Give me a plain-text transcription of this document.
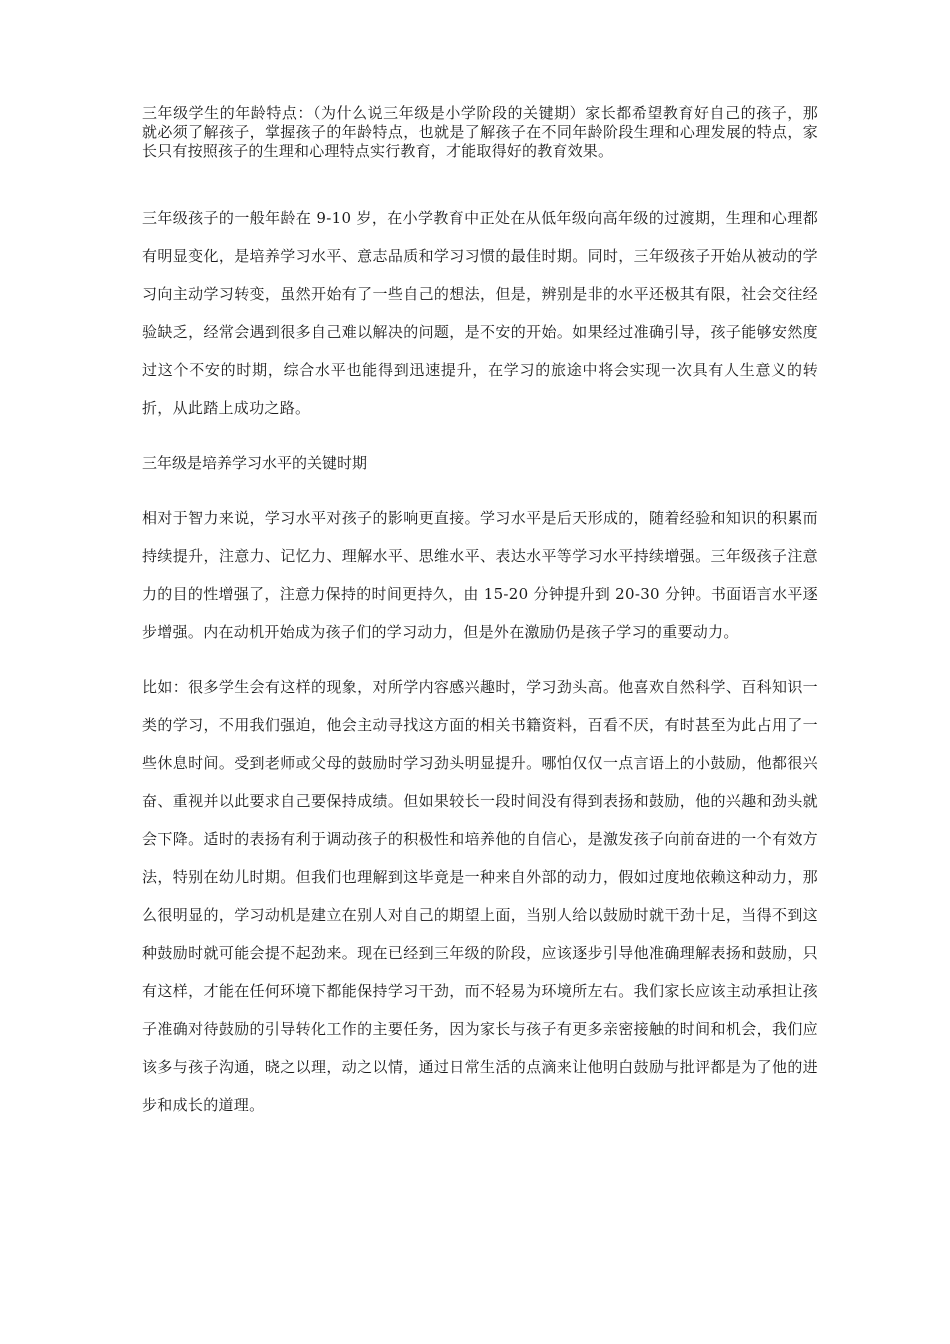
三年级学生的年龄特点：（为什么说三年级是小学阶段的关键期）家长都希望教育好自己的孩子，那就必须了解孩子，掌握孩子的年龄特点，也就是了解孩子在不同年龄阶段生理和心理发展的特点，家长只有按照孩子的生理和心理特点实行教育，才能取得好的教育效果。

三年级孩子的一般年龄在 9-10 岁，在小学教育中正处在从低年级向高年级的过渡期，生理和心理都有明显变化，是培养学习水平、意志品质和学习习惯的最佳时期。同时，三年级孩子开始从被动的学习向主动学习转变，虽然开始有了一些自己的想法，但是，辨别是非的水平还极其有限，社会交往经验缺乏，经常会遇到很多自己难以解决的问题，是不安的开始。如果经过准确引导，孩子能够安然度过这个不安的时期，综合水平也能得到迅速提升，在学习的旅途中将会实现一次具有人生意义的转折，从此踏上成功之路。

三年级是培养学习水平的关键时期

相对于智力来说，学习水平对孩子的影响更直接。学习水平是后天形成的，随着经验和知识的积累而持续提升，注意力、记忆力、理解水平、思维水平、表达水平等学习水平持续增强。三年级孩子注意力的目的性增强了，注意力保持的时间更持久，由 15-20 分钟提升到 20-30 分钟。书面语言水平逐步增强。内在动机开始成为孩子们的学习动力，但是外在激励仍是孩子学习的重要动力。

比如：很多学生会有这样的现象，对所学内容感兴趣时，学习劲头高。他喜欢自然科学、百科知识一类的学习，不用我们强迫，他会主动寻找这方面的相关书籍资料，百看不厌，有时甚至为此占用了一些休息时间。受到老师或父母的鼓励时学习劲头明显提升。哪怕仅仅一点言语上的小鼓励，他都很兴奋、重视并以此要求自己要保持成绩。但如果较长一段时间没有得到表扬和鼓励，他的兴趣和劲头就会下降。适时的表扬有利于调动孩子的积极性和培养他的自信心，是激发孩子向前奋进的一个有效方法，特别在幼儿时期。但我们也理解到这毕竟是一种来自外部的动力，假如过度地依赖这种动力，那么很明显的，学习动机是建立在别人对自己的期望上面，当别人给以鼓励时就干劲十足，当得不到这种鼓励时就可能会提不起劲来。现在已经到三年级的阶段，应该逐步引导他准确理解表扬和鼓励，只有这样，才能在任何环境下都能保持学习干劲，而不轻易为环境所左右。我们家长应该主动承担让孩子准确对待鼓励的引导转化工作的主要任务，因为家长与孩子有更多亲密接触的时间和机会，我们应该多与孩子沟通，晓之以理，动之以情，通过日常生活的点滴来让他明白鼓励与批评都是为了他的进步和成长的道理。
